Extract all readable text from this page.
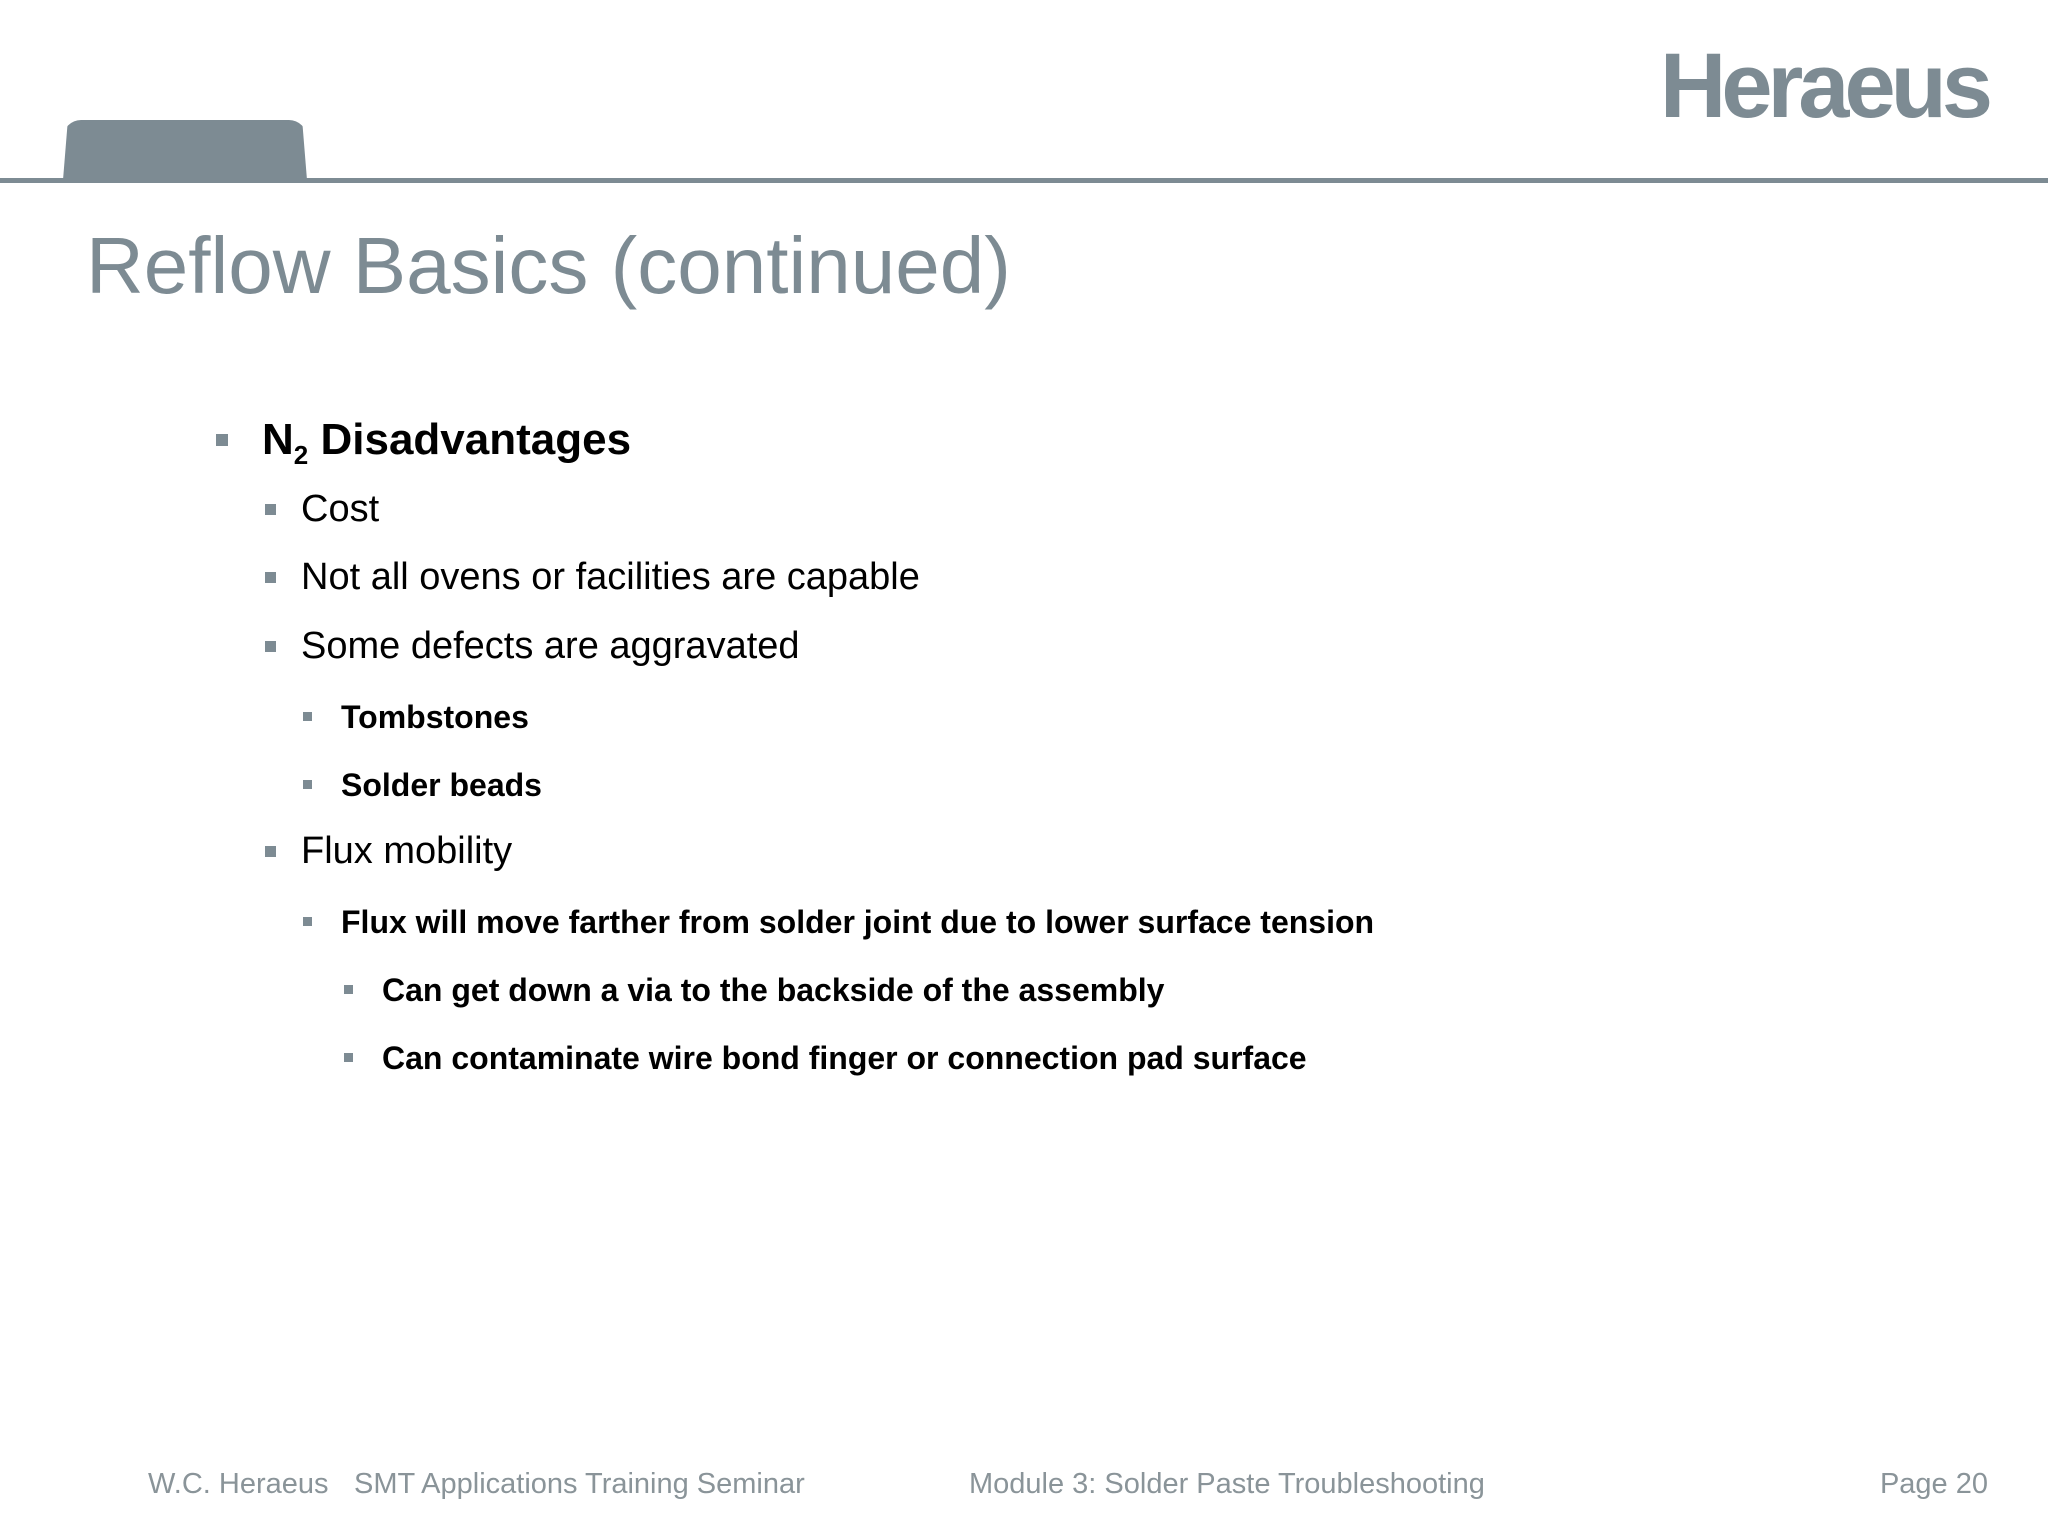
Heraeus
Reflow Basics (continued)
$N_2$ Disadvantages
Cost
Not all ovens or facilities are capable
Some defects are aggravated
Tombstones
Solder beads
Flux mobility
Flux will move farther from solder joint due to lower surface tension
Can get down a via to the backside of the assembly
Can contaminate wire bond finger or connection pad surface
W.C. Heraeus SMT Applications Training Seminar	Module 3: Solder Paste Troubleshooting	Page 20
